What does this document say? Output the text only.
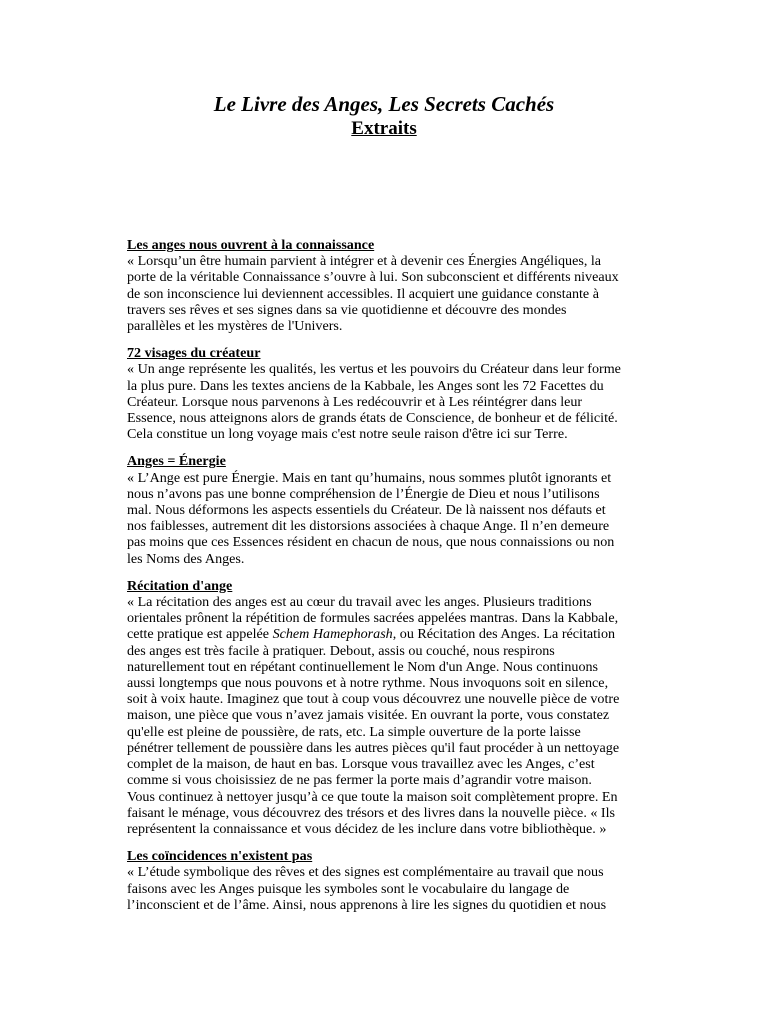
Le Livre des Anges, Les Secrets Cachés

Extraits

Les anges nous ouvrent à la connaissance

« Lorsqu’un être humain parvient à intégrer et à devenir ces Énergies Angéliques, la porte de la véritable Connaissance s’ouvre à lui. Son subconscient et différents niveaux de son inconscience lui deviennent accessibles. Il acquiert une guidance constante à travers ses rêves et ses signes dans sa vie quotidienne et découvre des mondes parallèles et les mystères de l'Univers.

72 visages du créateur

« Un ange représente les qualités, les vertus et les pouvoirs du Créateur dans leur forme la plus pure. Dans les textes anciens de la Kabbale, les Anges sont les 72 Facettes du Créateur. Lorsque nous parvenons à Les redécouvrir et à Les réintégrer dans leur Essence, nous atteignons alors de grands états de Conscience, de bonheur et de félicité. Cela constitue un long voyage mais c'est notre seule raison d'être ici sur Terre.

Anges = Énergie

« L’Ange est pure Énergie. Mais en tant qu’humains, nous sommes plutôt ignorants et nous n’avons pas une bonne compréhension de l’Énergie de Dieu et nous l’utilisons mal. Nous déformons les aspects essentiels du Créateur. De là naissent nos défauts et nos faiblesses, autrement dit les distorsions associées à chaque Ange. Il n’en demeure pas moins que ces Essences résident en chacun de nous, que nous connaissions ou non les Noms des Anges.

Récitation d'ange

« La récitation des anges est au cœur du travail avec les anges. Plusieurs traditions orientales prônent la répétition de formules sacrées appelées mantras. Dans la Kabbale, cette pratique est appelée Schem Hamephorash, ou Récitation des Anges. La récitation des anges est très facile à pratiquer. Debout, assis ou couché, nous respirons naturellement tout en répétant continuellement le Nom d'un Ange. Nous continuons aussi longtemps que nous pouvons et à notre rythme. Nous invoquons soit en silence, soit à voix haute. Imaginez que tout à coup vous découvrez une nouvelle pièce de votre maison, une pièce que vous n’avez jamais visitée. En ouvrant la porte, vous constatez qu'elle est pleine de poussière, de rats, etc. La simple ouverture de la porte laisse pénétrer tellement de poussière dans les autres pièces qu'il faut procéder à un nettoyage complet de la maison, de haut en bas. Lorsque vous travaillez avec les Anges, c’est comme si vous choisissiez de ne pas fermer la porte mais d’agrandir votre maison. Vous continuez à nettoyer jusqu’à ce que toute la maison soit complètement propre. En faisant le ménage, vous découvrez des trésors et des livres dans la nouvelle pièce. « Ils représentent la connaissance et vous décidez de les inclure dans votre bibliothèque. »

Les coïncidences n'existent pas

« L’étude symbolique des rêves et des signes est complémentaire au travail que nous faisons avec les Anges puisque les symboles sont le vocabulaire du langage de l’inconscient et de l’âme. Ainsi, nous apprenons à lire les signes du quotidien et nous
